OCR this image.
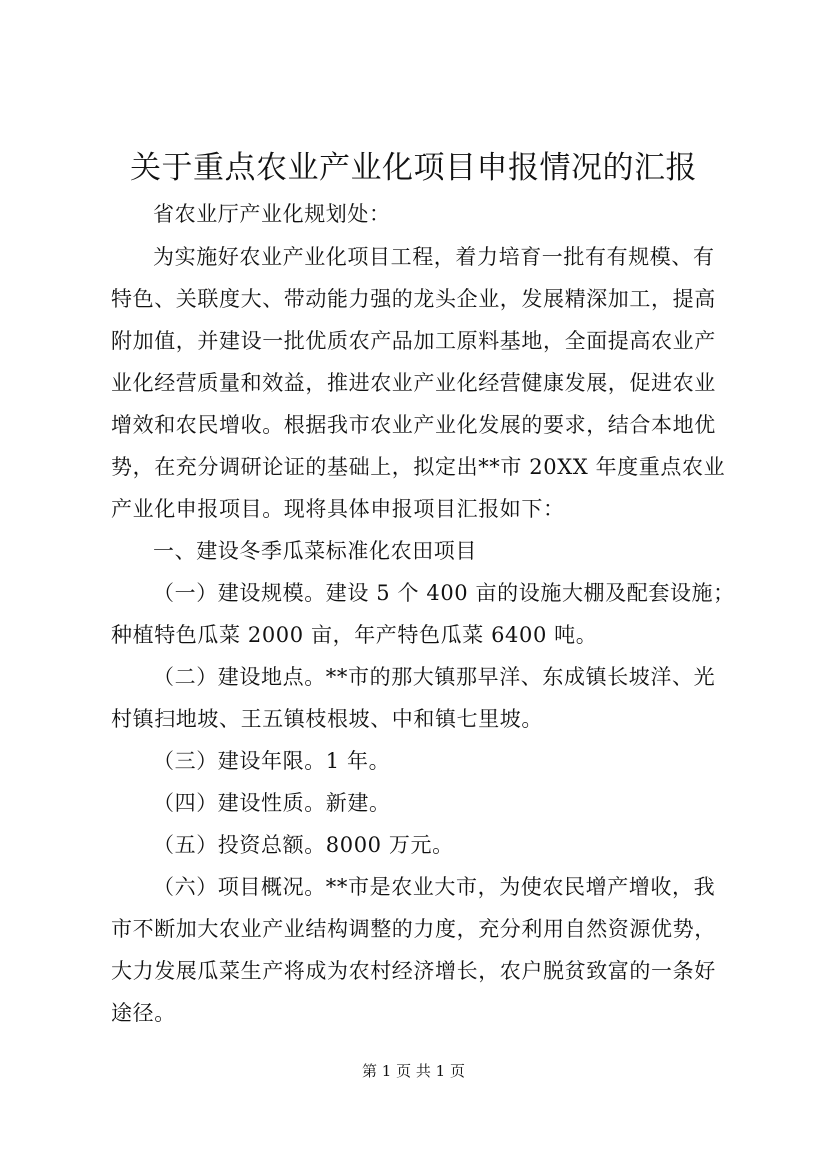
关于重点农业产业化项目申报情况的汇报
省农业厅产业化规划处：
为实施好农业产业化项目工程，着力培育一批有有规模、有
特色、关联度大、带动能力强的龙头企业，发展精深加工，提高
附加值，并建设一批优质农产品加工原料基地，全面提高农业产
业化经营质量和效益，推进农业产业化经营健康发展，促进农业
增效和农民增收。根据我市农业产业化发展的要求，结合本地优
势，在充分调研论证的基础上，拟定出**市 20XX 年度重点农业
产业化申报项目。现将具体申报项目汇报如下：
一、建设冬季瓜菜标准化农田项目
（一）建设规模。建设 5 个 400 亩的设施大棚及配套设施；
种植特色瓜菜 2000 亩，年产特色瓜菜 6400 吨。
（二）建设地点。**市的那大镇那早洋、东成镇长坡洋、光
村镇扫地坡、王五镇枝根坡、中和镇七里坡。
（三）建设年限。1 年。
（四）建设性质。新建。
（五）投资总额。8000 万元。
（六）项目概况。**市是农业大市，为使农民增产增收，我
市不断加大农业产业结构调整的力度，充分利用自然资源优势，
大力发展瓜菜生产将成为农村经济增长，农户脱贫致富的一条好
途径。
第 1 页 共 1 页
